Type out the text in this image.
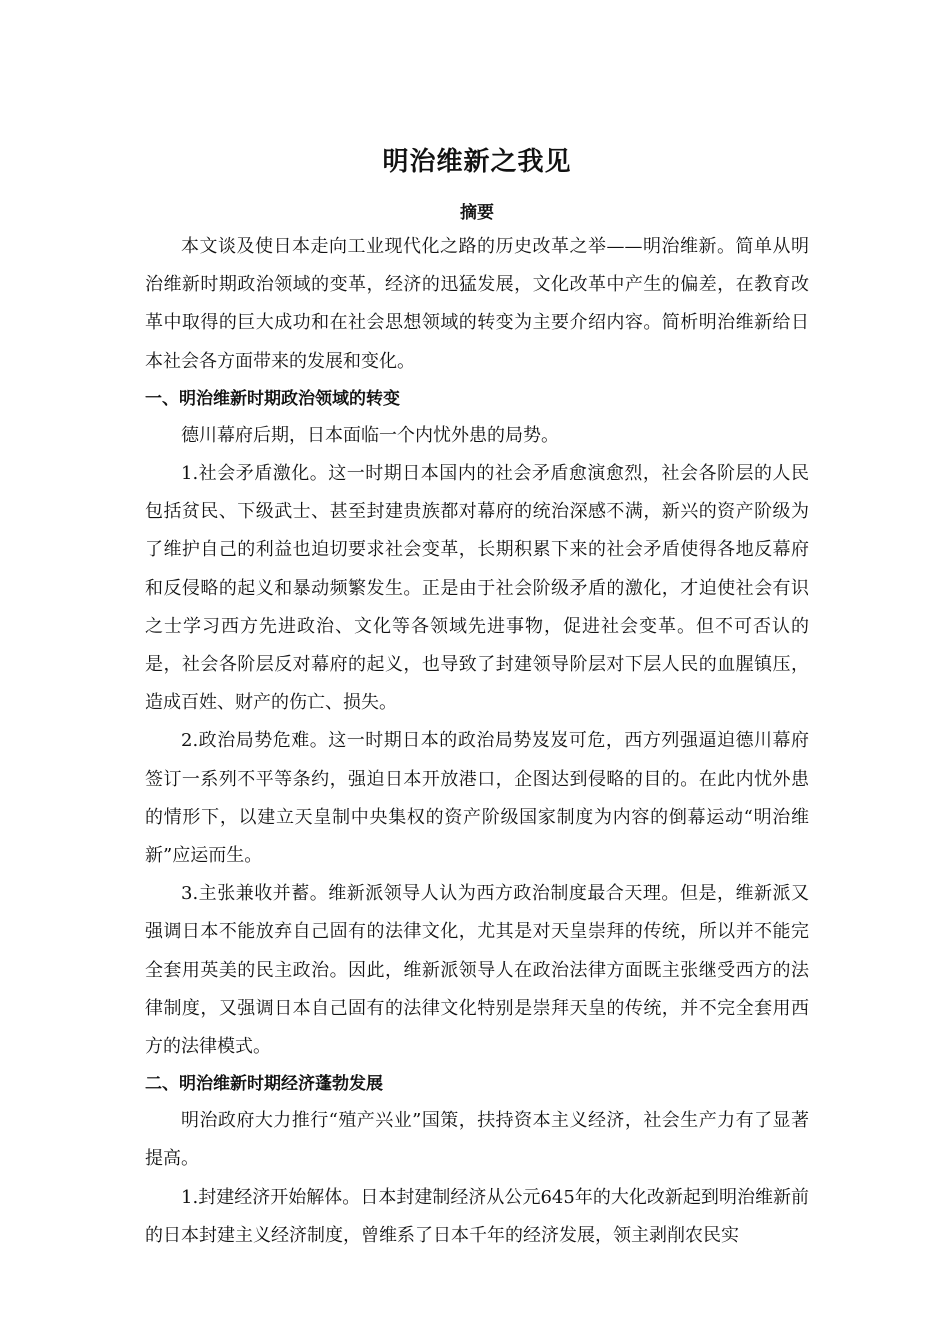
明治维新之我见
摘要

本文谈及使日本走向工业现代化之路的历史改革之举——明治维新。简单从明治维新时期政治领域的变革，经济的迅猛发展，文化改革中产生的偏差，在教育改革中取得的巨大成功和在社会思想领域的转变为主要介绍内容。简析明治维新给日本社会各方面带来的发展和变化。

一、明治维新时期政治领域的转变

德川幕府后期，日本面临一个内忧外患的局势。

1.社会矛盾激化。这一时期日本国内的社会矛盾愈演愈烈，社会各阶层的人民包括贫民、下级武士、甚至封建贵族都对幕府的统治深感不满，新兴的资产阶级为了维护自己的利益也迫切要求社会变革，长期积累下来的社会矛盾使得各地反幕府和反侵略的起义和暴动频繁发生。正是由于社会阶级矛盾的激化，才迫使社会有识之士学习西方先进政治、文化等各领域先进事物，促进社会变革。但不可否认的是，社会各阶层反对幕府的起义，也导致了封建领导阶层对下层人民的血腥镇压，造成百姓、财产的伤亡、损失。

2.政治局势危难。这一时期日本的政治局势岌岌可危，西方列强逼迫德川幕府签订一系列不平等条约，强迫日本开放港口，企图达到侵略的目的。在此内忧外患的情形下，以建立天皇制中央集权的资产阶级国家制度为内容的倒幕运动“明治维新”应运而生。

3.主张兼收并蓄。维新派领导人认为西方政治制度最合天理。但是，维新派又强调日本不能放弃自己固有的法律文化，尤其是对天皇崇拜的传统，所以并不能完全套用英美的民主政治。因此，维新派领导人在政治法律方面既主张继受西方的法律制度，又强调日本自己固有的法律文化特别是崇拜天皇的传统，并不完全套用西方的法律模式。

二、明治维新时期经济蓬勃发展

明治政府大力推行“殖产兴业”国策，扶持资本主义经济，社会生产力有了显著提高。

1.封建经济开始解体。日本封建制经济从公元645年的大化改新起到明治维新前的日本封建主义经济制度，曾维系了日本千年的经济发展，领主剥削农民实
